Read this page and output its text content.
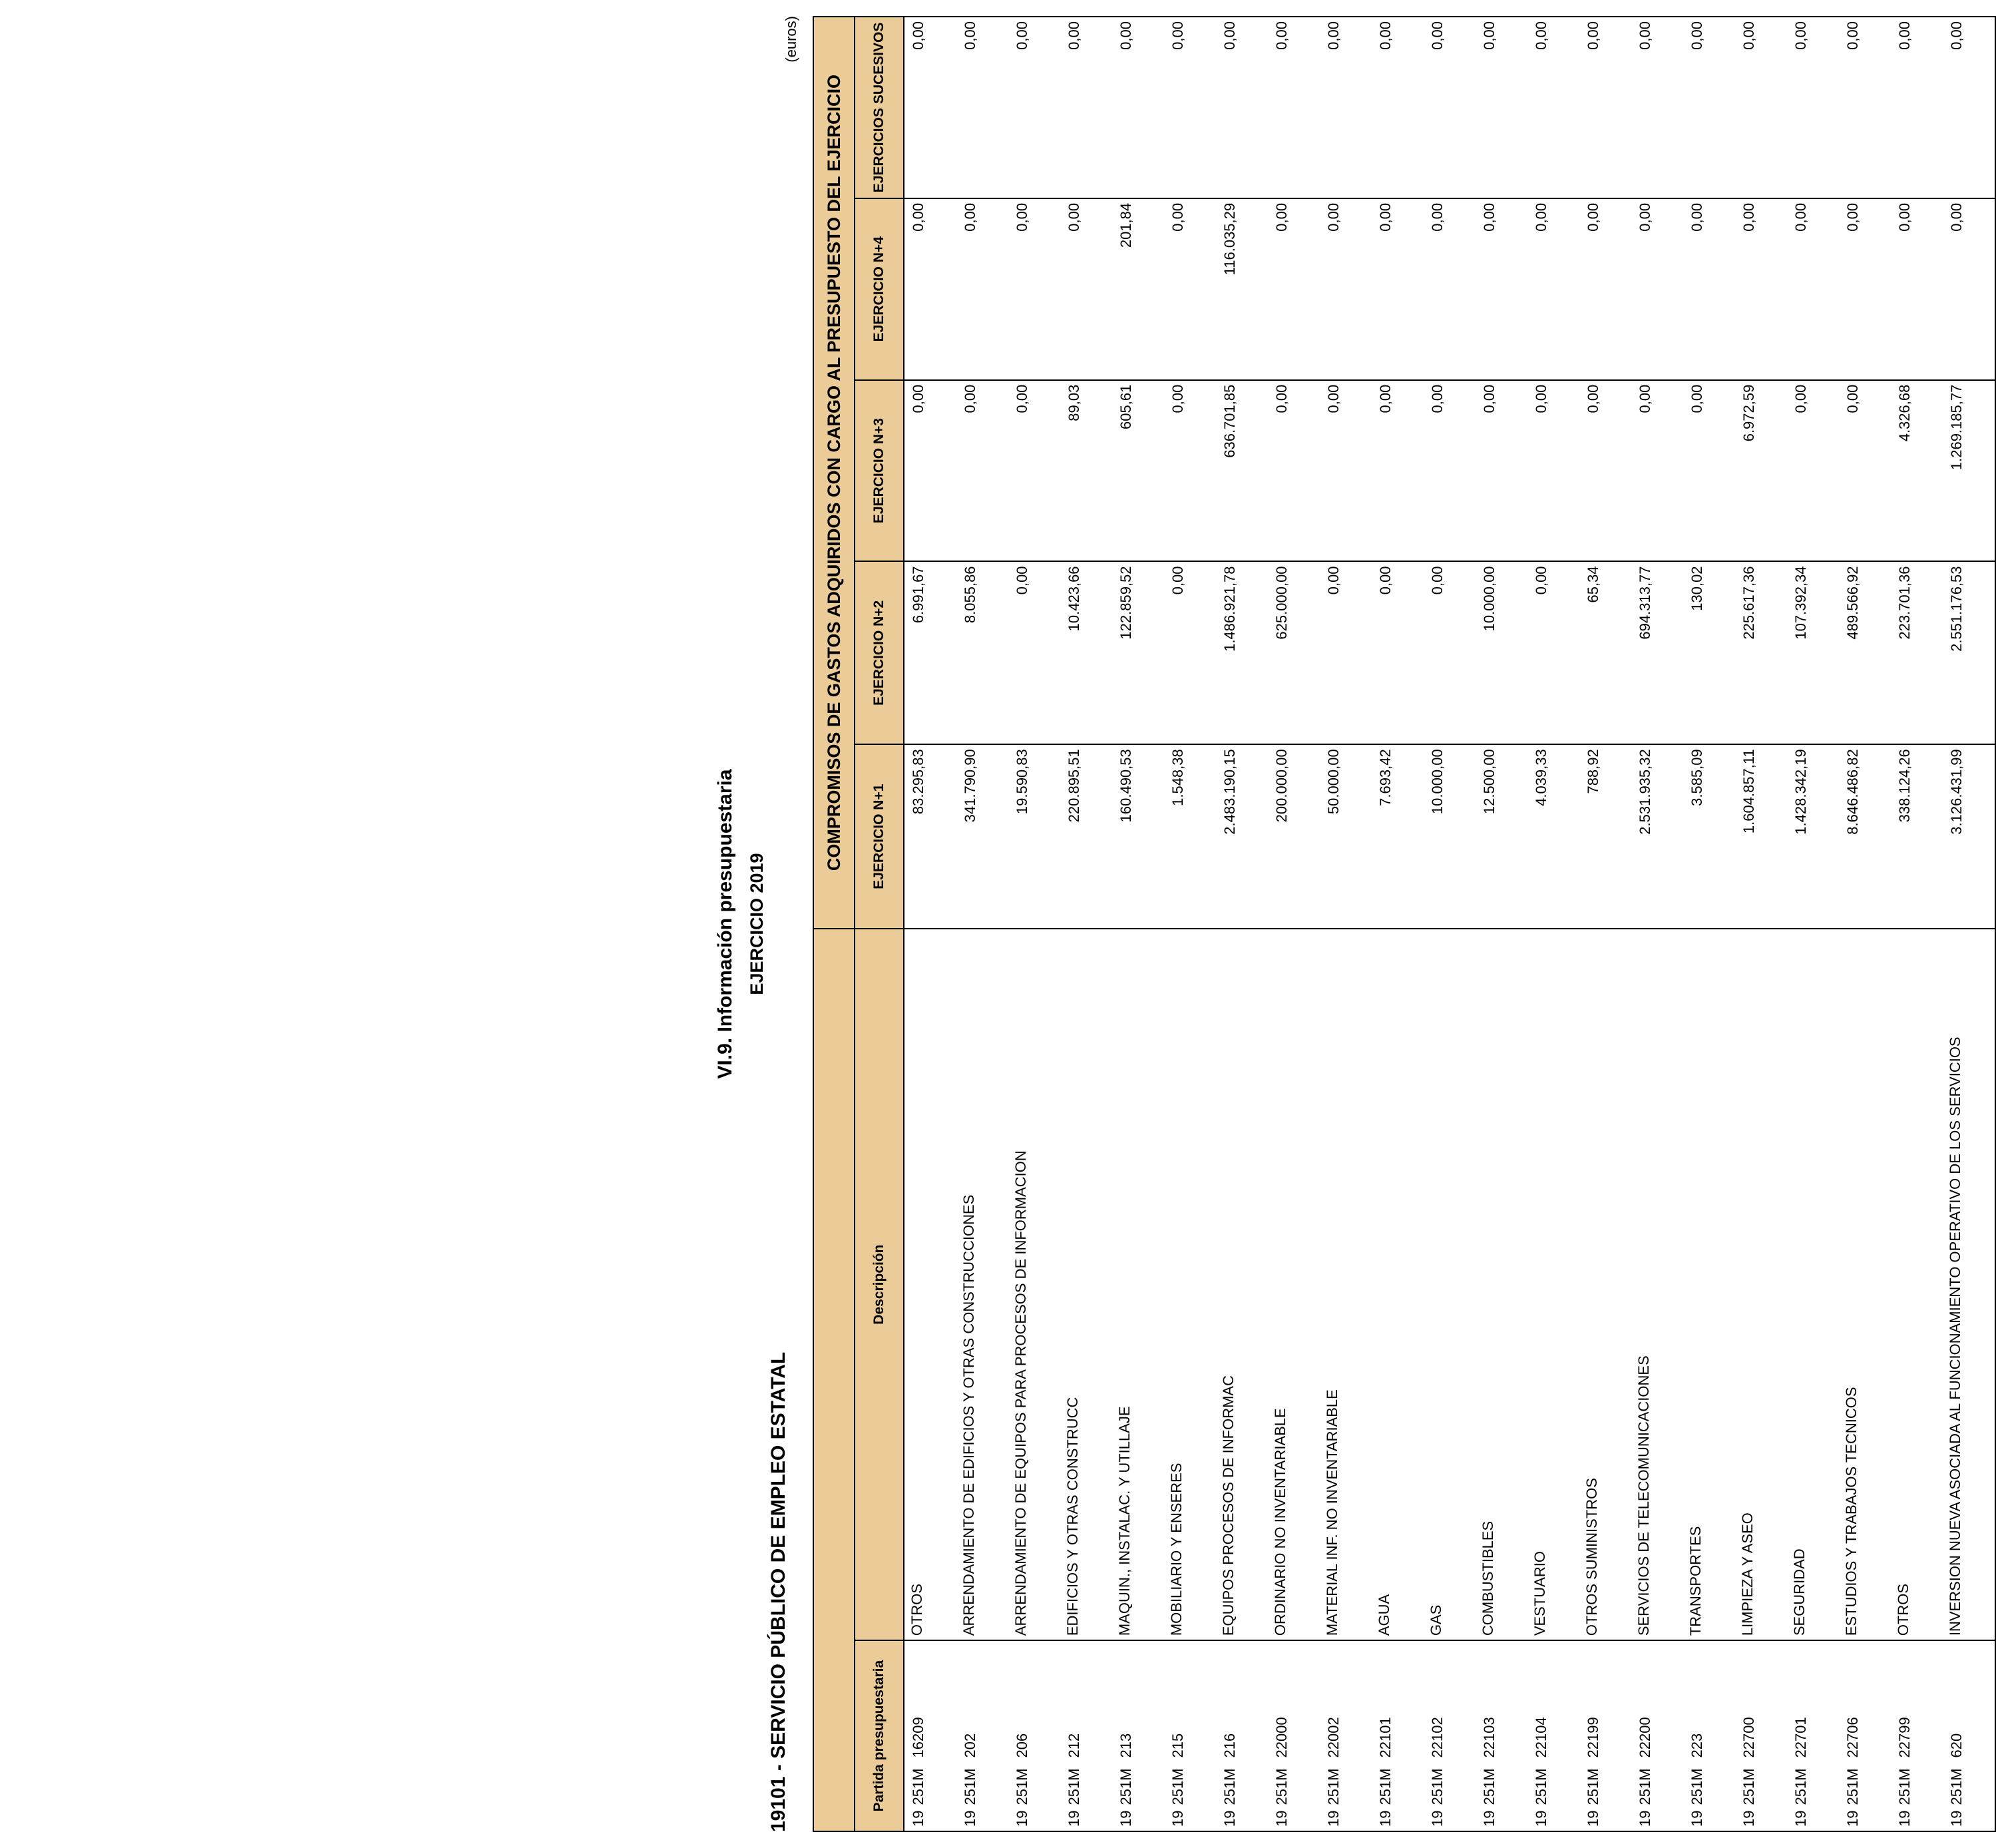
VI.9. Información presupuestaria EJERCICIO 2019
19101 - SERVICIO PÚBLICO DE EMPLEO ESTATAL
(euros)
		COMPROMISOS DE GASTOS ADQUIRIDOS CON CARGO AL PRESUPUESTO DEL EJERCICIO				
Partida presupuestaria	Descripción	EJERCICIO N+1	EJERCICIO N+2	EJERCICIO N+3	EJERCICIO N+4	EJERCICIOS SUCESIVOS
19251M16209	OTROS	83.295,83	6.991,67	0,00	0,00	0,00
19251M202	ARRENDAMIENTO DE EDIFICIOS Y OTRAS CONSTRUCCIONES	341.790,90	8.055,86	0,00	0,00	0,00
19251M206	ARRENDAMIENTO DE EQUIPOS PARA PROCESOS DE INFORMACION	19.590,83	0,00	0,00	0,00	0,00
19251M212	EDIFICIOS Y OTRAS CONSTRUCC	220.895,51	10.423,66	89,03	0,00	0,00
19251M213	MAQUIN., INSTALAC. Y UTILLAJE	160.490,53	122.859,52	605,61	201,84	0,00
19251M215	MOBILIARIO Y ENSERES	1.548,38	0,00	0,00	0,00	0,00
19251M216	EQUIPOS PROCESOS DE INFORMAC	2.483.190,15	1.486.921,78	636.701,85	116.035,29	0,00
19251M22000	ORDINARIO NO INVENTARIABLE	200.000,00	625.000,00	0,00	0,00	0,00
19251M22002	MATERIAL INF. NO INVENTARIABLE	50.000,00	0,00	0,00	0,00	0,00
19251M22101	AGUA	7.693,42	0,00	0,00	0,00	0,00
19251M22102	GAS	10.000,00	0,00	0,00	0,00	0,00
19251M22103	COMBUSTIBLES	12.500,00	10.000,00	0,00	0,00	0,00
19251M22104	VESTUARIO	4.039,33	0,00	0,00	0,00	0,00
19251M22199	OTROS SUMINISTROS	788,92	65,34	0,00	0,00	0,00
19251M22200	SERVICIOS DE TELECOMUNICACIONES	2.531.935,32	694.313,77	0,00	0,00	0,00
19251M223	TRANSPORTES	3.585,09	130,02	0,00	0,00	0,00
19251M22700	LIMPIEZA Y ASEO	1.604.857,11	225.617,36	6.972,59	0,00	0,00
19251M22701	SEGURIDAD	1.428.342,19	107.392,34	0,00	0,00	0,00
19251M22706	ESTUDIOS Y TRABAJOS TECNICOS	8.646.486,82	489.566,92	0,00	0,00	0,00
19251M22799	OTROS	338.124,26	223.701,36	4.326,68	0,00	0,00
19251M620	INVERSION NUEVA ASOCIADA AL FUNCIONAMIENTO OPERATIVO DE LOS SERVICIOS	3.126.431,99	2.551.176,53	1.269.185,77	0,00	0,00
